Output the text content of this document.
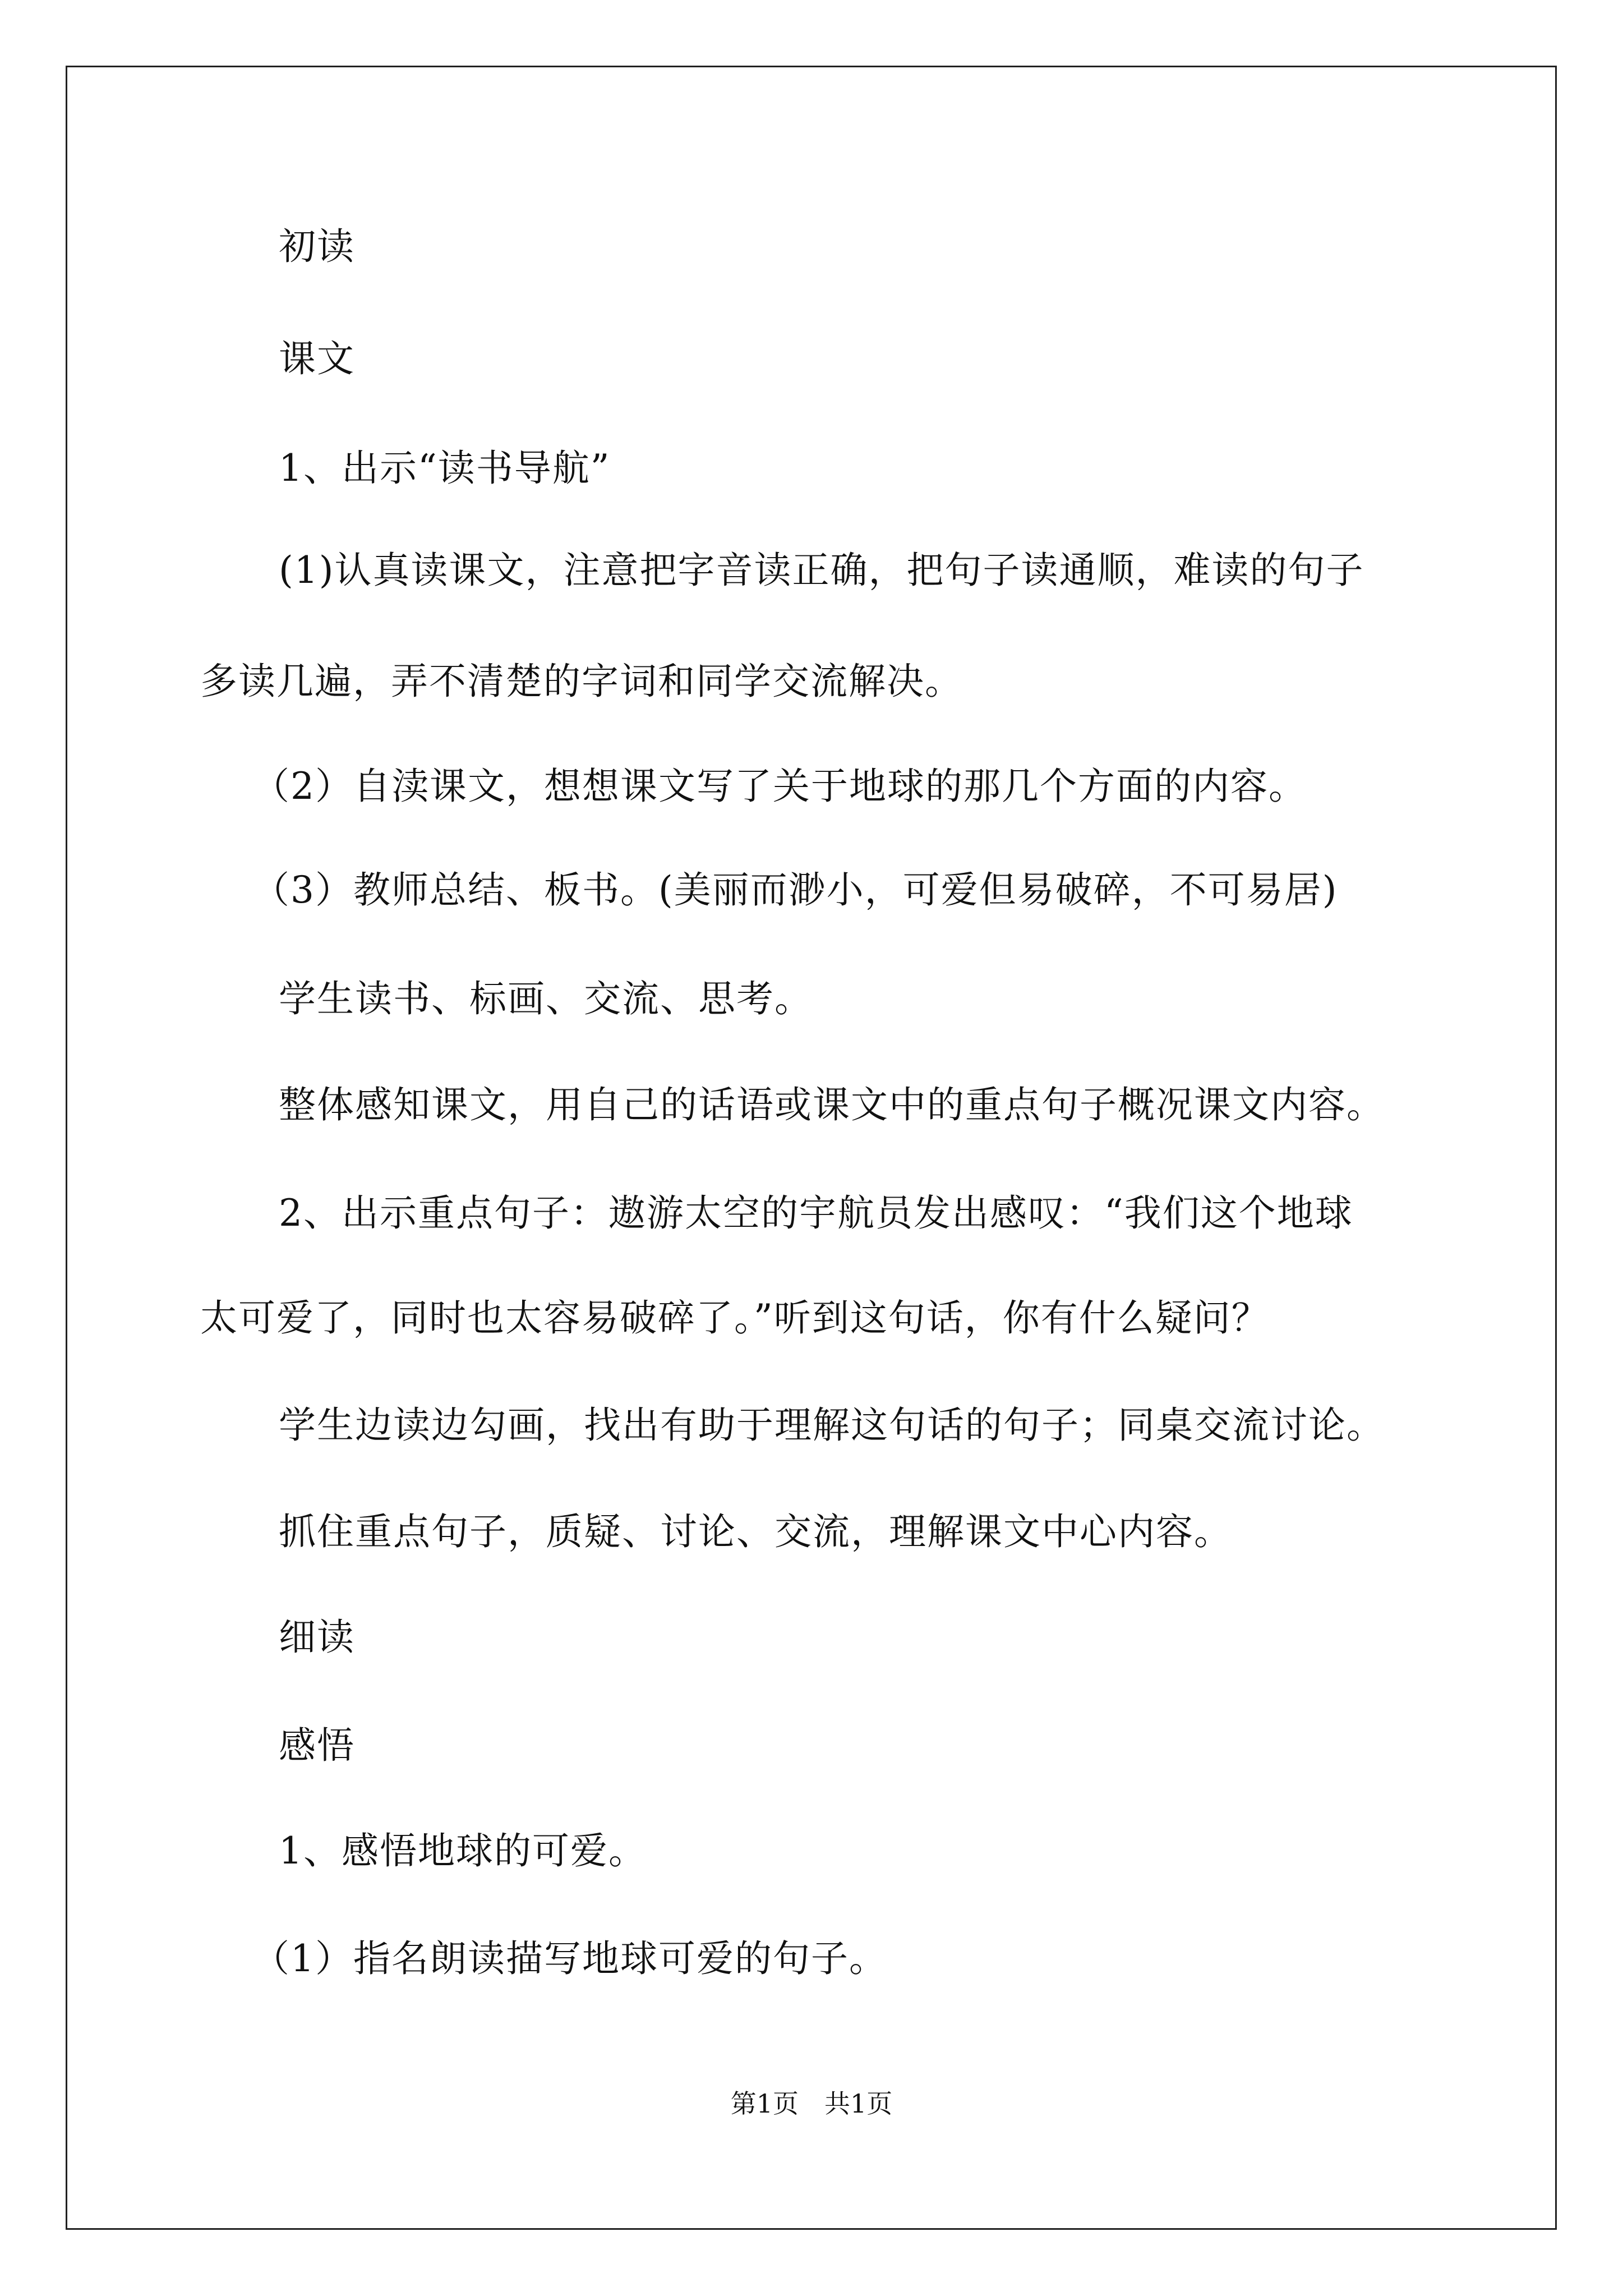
初读
课文
1、出示“读书导航”
(1)认真读课文，注意把字音读正确，把句子读通顺，难读的句子
多读几遍，弄不清楚的字词和同学交流解决。
（2）自渎课文，想想课文写了关于地球的那几个方面的内容。
（3）教师总结、板书。(美丽而渺小，可爱但易破碎，不可易居)
学生读书、标画、交流、思考。
整体感知课文，用自己的话语或课文中的重点句子概况课文内容。
2、出示重点句子：遨游太空的宇航员发出感叹：“我们这个地球
太可爱了，同时也太容易破碎了。”听到这句话，你有什么疑问？
学生边读边勾画，找出有助于理解这句话的句子；同桌交流讨论。
抓住重点句子，质疑、讨论、交流，理解课文中心内容。
细读
感悟
1、感悟地球的可爱。
（1）指名朗读描写地球可爱的句子。
第1页　共1页
